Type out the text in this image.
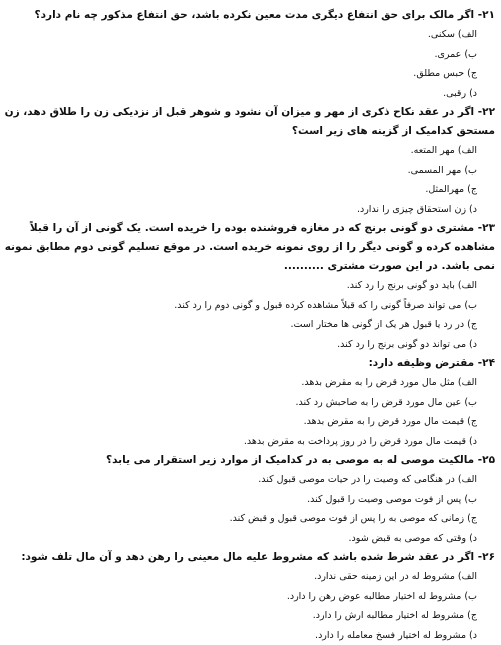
۲۱- اگر مالک برای حق انتفاع دیگری مدت معین نکرده باشد، حق انتفاع مذکور چه نام دارد؟

الف) سکنی.

ب) عمری.

ج) حبس مطلق.

د) رقبی.

۲۲- اگر در عقد نکاح ذکری از مهر و میزان آن نشود و شوهر قبل از نزدیکی زن را طلاق دهد، زن مستحق کدامیک از گزینه های زیر است؟

الف) مهر المتعه.

ب) مهر المسمی.

ج) مهرالمثل.

د) زن استحقاق چیزی را ندارد.

۲۳- مشتری دو گونی برنج که در مغازه فروشنده بوده را خریده است. یک گونی از آن را قبلاً مشاهده کرده و گونی دیگر را از روی نمونه خریده است. در موقع تسلیم گونی دوم مطابق نمونه نمی باشد. در این صورت مشتری ..........

الف) باید دو گونی برنج را رد کند.

ب) می تواند صرفاً گونی را که قبلاً مشاهده کرده قبول و گونی دوم را رد کند.

ج) در رد یا قبول هر یک از گونی ها مختار است.

د) می تواند دو گونی برنج را رد کند.

۲۴- مقترض وظیفه دارد:

الف) مثل مال مورد قرض را به مقرض بدهد.

ب) عین مال مورد قرض را به صاحبش رد کند.

ج) قیمت مال مورد قرض را به مقرض بدهد.

د) قیمت مال مورد قرض را در روز پرداخت به مقرض بدهد.

۲۵- مالکیت موصی له به موصی به در کدامیک از موارد زیر استقرار می یابد؟

الف) در هنگامی که وصیت را در حیات موصی قبول کند.

ب) پس از فوت موصی وصیت را قبول کند.

ج) زمانی که موصی به را پس از فوت موصی قبول و قبض کند.

د) وقتی که موصی به قبض شود.

۲۶- اگر در عقد شرط شده باشد که مشروط علیه مال معینی را رهن دهد و آن مال تلف شود:

الف) مشروط له در این زمینه حقی ندارد.

ب) مشروط له اختیار مطالبه عوض رهن را دارد.

ج) مشروط له اختیار مطالبه ارش را دارد.

د) مشروط له اختیار فسخ معامله را دارد.
